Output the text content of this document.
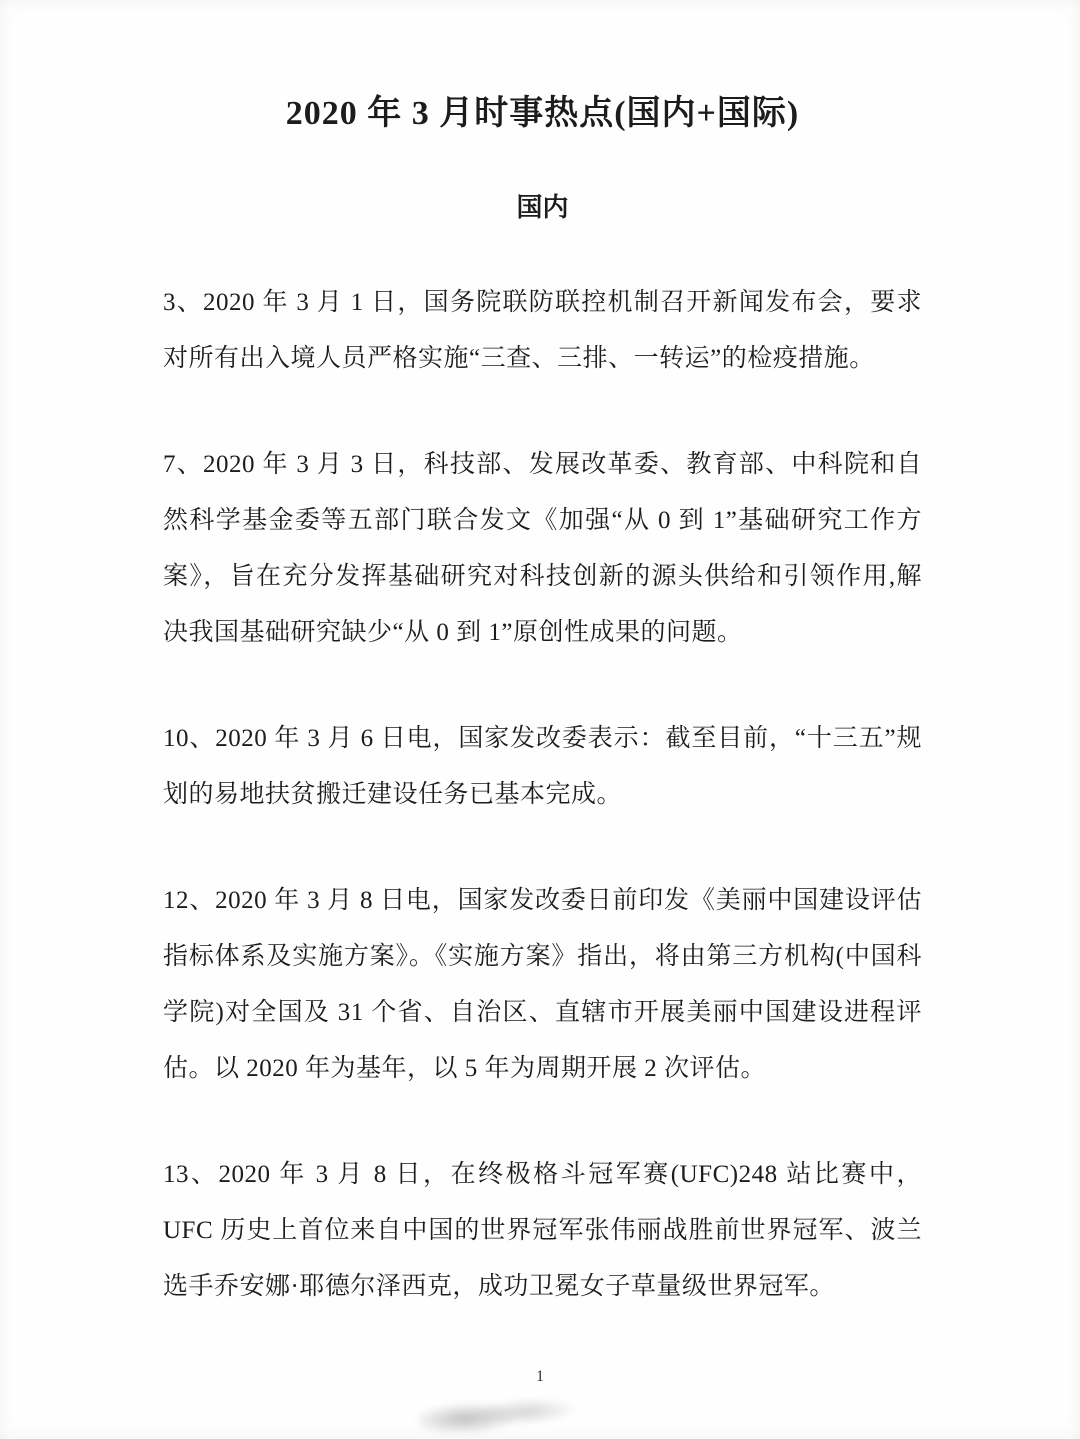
2020 年 3 月时事热点(国内+国际)
国内

3、2020 年 3 月 1 日，国务院联防联控机制召开新闻发布会，要求对所有出入境人员严格实施“三查、三排、一转运”的检疫措施。

7、2020 年 3 月 3 日，科技部、发展改革委、教育部、中科院和自然科学基金委等五部门联合发文《加强“从 0 到 1”基础研究工作方案》，旨在充分发挥基础研究对科技创新的源头供给和引领作用,解决我国基础研究缺少“从 0 到 1”原创性成果的问题。

10、2020 年 3 月 6 日电，国家发改委表示：截至目前，“十三五”规划的易地扶贫搬迁建设任务已基本完成。

12、2020 年 3 月 8 日电，国家发改委日前印发《美丽中国建设评估指标体系及实施方案》。《实施方案》指出，将由第三方机构(中国科学院)对全国及 31 个省、自治区、直辖市开展美丽中国建设进程评估。以 2020 年为基年，以 5 年为周期开展 2 次评估。

13、2020 年 3 月 8 日，在终极格斗冠军赛(UFC)248 站比赛中，UFC 历史上首位来自中国的世界冠军张伟丽战胜前世界冠军、波兰选手乔安娜·耶德尔泽西克，成功卫冕女子草量级世界冠军。

1
